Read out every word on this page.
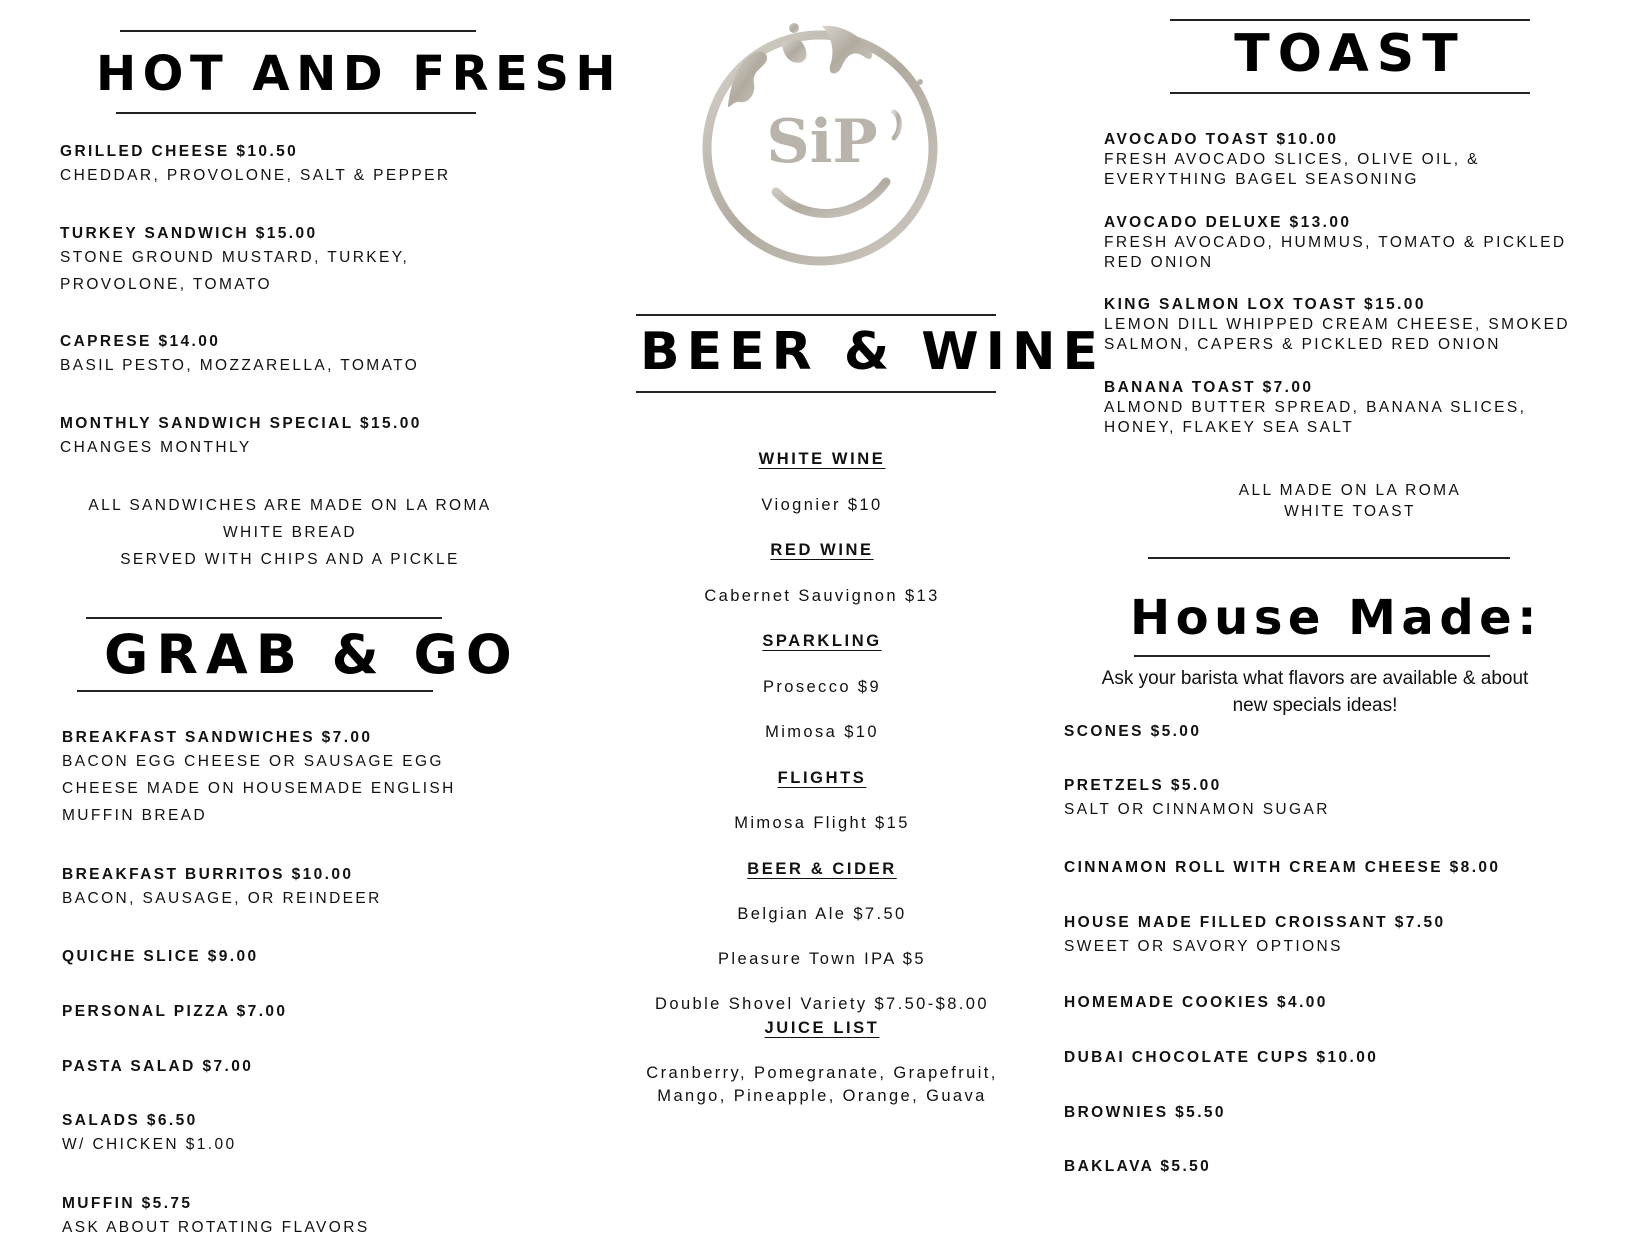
HOT AND FRESH
GRILLED CHEESE $10.50
CHEDDAR, PROVOLONE, SALT & PEPPER
TURKEY SANDWICH $15.00
STONE GROUND MUSTARD, TURKEY,
PROVOLONE, TOMATO
CAPRESE $14.00
BASIL PESTO, MOZZARELLA, TOMATO
MONTHLY SANDWICH SPECIAL $15.00
CHANGES MONTHLY
ALL SANDWICHES ARE MADE ON LA ROMA
WHITE BREAD
SERVED WITH CHIPS AND A PICKLE
GRAB & GO
BREAKFAST SANDWICHES $7.00
BACON EGG CHEESE OR SAUSAGE EGG
CHEESE MADE ON HOUSEMADE ENGLISH
MUFFIN BREAD
BREAKFAST BURRITOS $10.00
BACON, SAUSAGE, OR REINDEER
QUICHE SLICE $9.00
PERSONAL PIZZA $7.00
PASTA SALAD $7.00
SALADS $6.50
W/ CHICKEN $1.00
MUFFIN $5.75
ASK ABOUT ROTATING FLAVORS
SiP
BEER & WINE
WHITE WINE
Viognier $10
RED WINE
Cabernet Sauvignon $13
SPARKLING
Prosecco $9
Mimosa $10
FLIGHTS
Mimosa Flight $15
BEER & CIDER
Belgian Ale $7.50
Pleasure Town IPA $5
Double Shovel Variety $7.50-$8.00
JUICE LIST
Cranberry, Pomegranate, Grapefruit,
Mango, Pineapple, Orange, Guava
TOAST
AVOCADO TOAST $10.00
FRESH AVOCADO SLICES, OLIVE OIL, &
EVERYTHING BAGEL SEASONING
AVOCADO DELUXE $13.00
FRESH AVOCADO, HUMMUS, TOMATO & PICKLED
RED ONION
KING SALMON LOX TOAST $15.00
LEMON DILL WHIPPED CREAM CHEESE, SMOKED
SALMON, CAPERS & PICKLED RED ONION
BANANA TOAST $7.00
ALMOND BUTTER SPREAD, BANANA SLICES,
HONEY, FLAKEY SEA SALT
ALL MADE ON LA ROMA
WHITE TOAST
House Made:
Ask your barista what flavors are available & about
new specials ideas!
SCONES $5.00
PRETZELS $5.00
SALT OR CINNAMON SUGAR
CINNAMON ROLL WITH CREAM CHEESE $8.00
HOUSE MADE FILLED CROISSANT $7.50
SWEET OR SAVORY OPTIONS
HOMEMADE COOKIES $4.00
DUBAI CHOCOLATE CUPS $10.00
BROWNIES $5.50
BAKLAVA $5.50
